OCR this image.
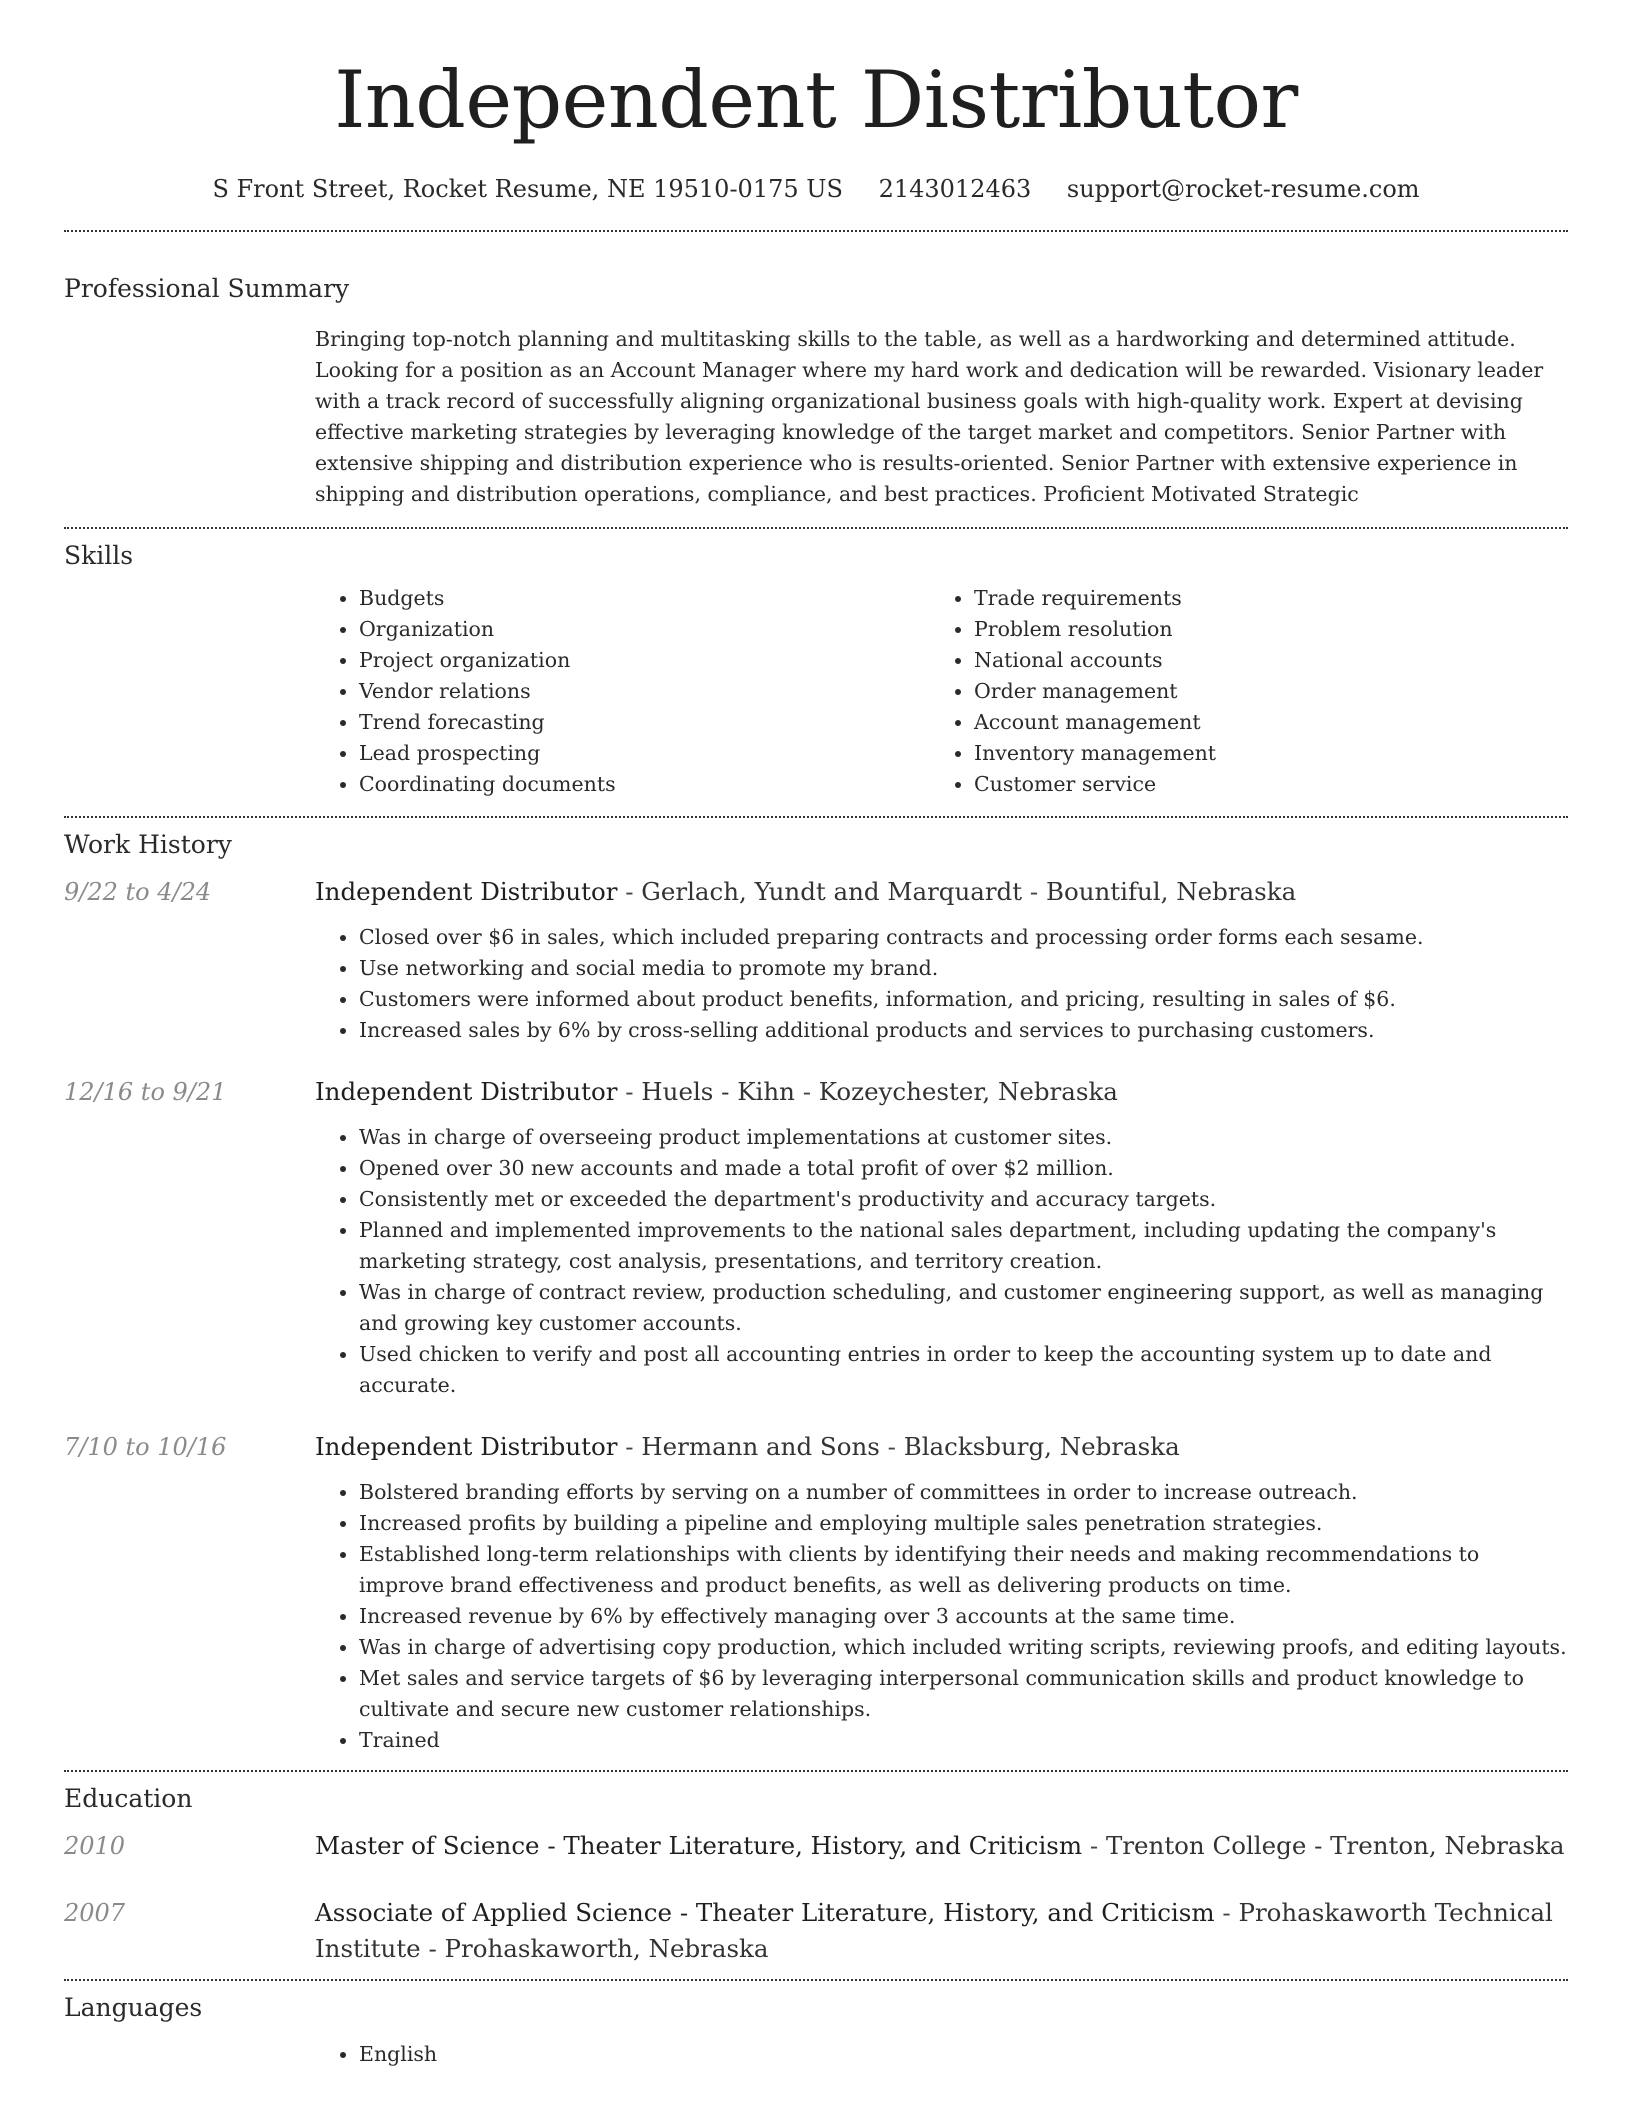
Independent Distributor
S Front Street, Rocket Resume, NE 19510-0175 US 2143012463 support@rocket-resume.com
Professional Summary
Bringing top-notch planning and multitasking skills to the table, as well as a hardworking and determined attitude. Looking for a position as an Account Manager where my hard work and dedication will be rewarded. Visionary leader with a track record of successfully aligning organizational business goals with high-quality work. Expert at devising effective marketing strategies by leveraging knowledge of the target market and competitors. Senior Partner with extensive shipping and distribution experience who is results-oriented. Senior Partner with extensive experience in shipping and distribution operations, compliance, and best practices. Proficient Motivated Strategic
Skills
• Budgets
• Organization
• Project organization
• Vendor relations
• Trend forecasting
• Lead prospecting
• Coordinating documents
• Trade requirements
• Problem resolution
• National accounts
• Order management
• Account management
• Inventory management
• Customer service
Work History
9/22 to 4/24	Independent Distributor - Gerlach, Yundt and Marquardt - Bountiful, Nebraska
• Closed over $6 in sales, which included preparing contracts and processing order forms each sesame.
• Use networking and social media to promote my brand.
• Customers were informed about product benefits, information, and pricing, resulting in sales of $6.
• Increased sales by 6% by cross-selling additional products and services to purchasing customers.
12/16 to 9/21	Independent Distributor - Huels - Kihn - Kozeychester, Nebraska
• Was in charge of overseeing product implementations at customer sites.
• Opened over 30 new accounts and made a total profit of over $2 million.
• Consistently met or exceeded the department's productivity and accuracy targets.
• Planned and implemented improvements to the national sales department, including updating the company's marketing strategy, cost analysis, presentations, and territory creation.
• Was in charge of contract review, production scheduling, and customer engineering support, as well as managing and growing key customer accounts.
• Used chicken to verify and post all accounting entries in order to keep the accounting system up to date and accurate.
7/10 to 10/16	Independent Distributor - Hermann and Sons - Blacksburg, Nebraska
• Bolstered branding efforts by serving on a number of committees in order to increase outreach.
• Increased profits by building a pipeline and employing multiple sales penetration strategies.
• Established long-term relationships with clients by identifying their needs and making recommendations to improve brand effectiveness and product benefits, as well as delivering products on time.
• Increased revenue by 6% by effectively managing over 3 accounts at the same time.
• Was in charge of advertising copy production, which included writing scripts, reviewing proofs, and editing layouts.
• Met sales and service targets of $6 by leveraging interpersonal communication skills and product knowledge to cultivate and secure new customer relationships.
• Trained
Education
2010	Master of Science - Theater Literature, History, and Criticism - Trenton College - Trenton, Nebraska
2007	Associate of Applied Science - Theater Literature, History, and Criticism - Prohaskaworth Technical Institute - Prohaskaworth, Nebraska
Languages
• English
